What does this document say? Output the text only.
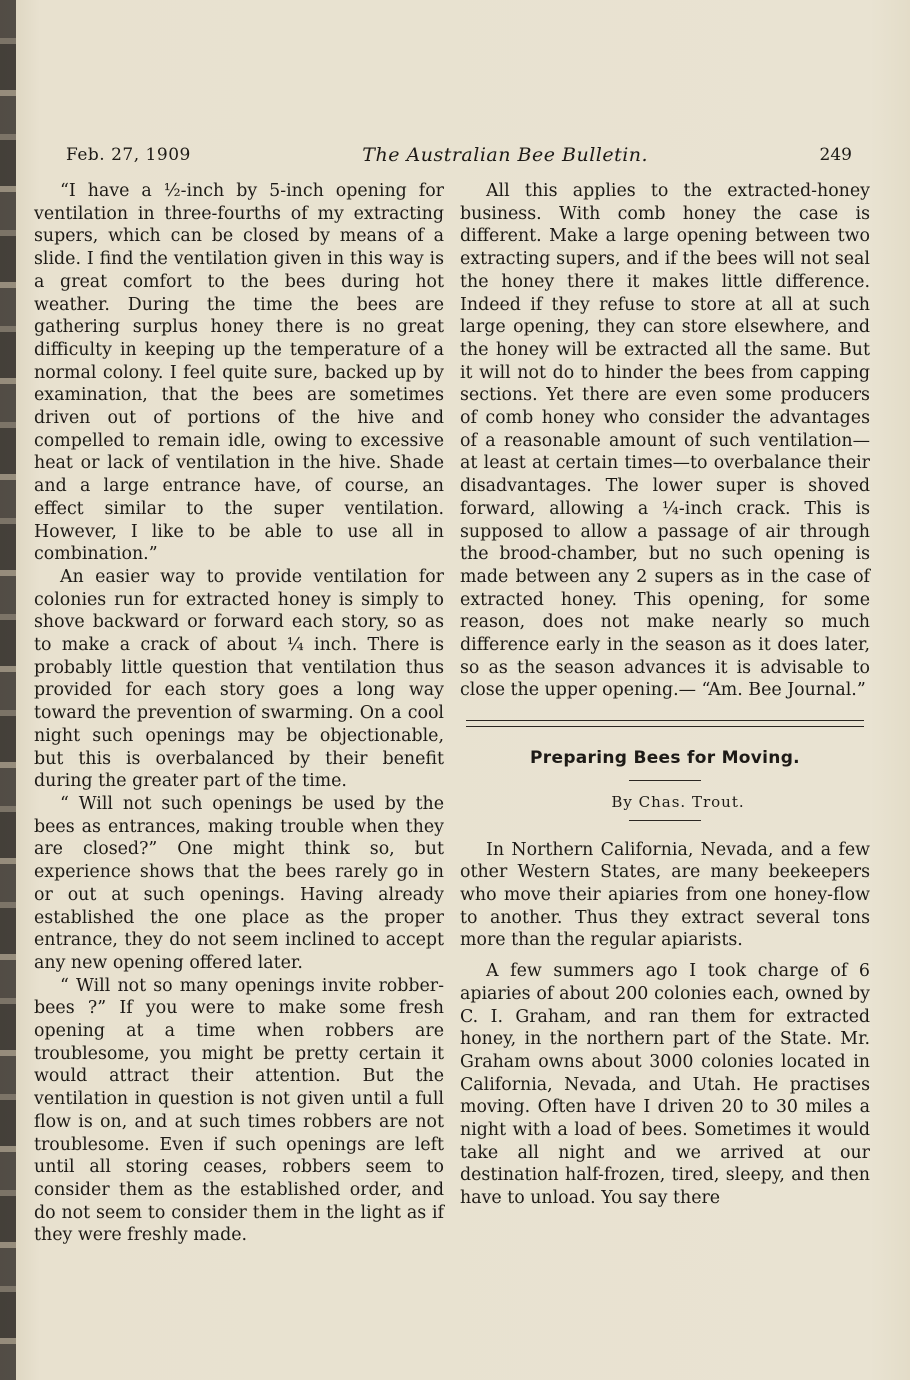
Feb. 27, 1909	The Australian Bee Bulletin.	249

“I have a ½-inch by 5-inch opening for ventilation in three-fourths of my extracting supers, which can be closed by means of a slide. I find the ventilation given in this way is a great comfort to the bees during hot weather. During the time the bees are gathering surplus honey there is no great difficulty in keeping up the temperature of a normal colony. I feel quite sure, backed up by examination, that the bees are sometimes driven out of portions of the hive and compelled to remain idle, owing to excessive heat or lack of ventilation in the hive. Shade and a large entrance have, of course, an effect similar to the super ventilation. However, I like to be able to use all in combination.”

An easier way to provide ventilation for colonies run for extracted honey is simply to shove backward or forward each story, so as to make a crack of about ¼ inch. There is probably little question that ventilation thus provided for each story goes a long way toward the prevention of swarming. On a cool night such openings may be objectionable, but this is overbalanced by their benefit during the greater part of the time.

“ Will not such openings be used by the bees as entrances, making trouble when they are closed?” One might think so, but experience shows that the bees rarely go in or out at such openings. Having already established the one place as the proper entrance, they do not seem inclined to accept any new opening offered later.

“ Will not so many openings invite robber-bees ?” If you were to make some fresh opening at a time when robbers are troublesome, you might be pretty certain it would attract their attention. But the ventilation in question is not given until a full flow is on, and at such times robbers are not troublesome. Even if such openings are left until all storing ceases, robbers seem to consider them as the established order, and do not seem to consider them in the light as if they were freshly made.

All this applies to the extracted-honey business. With comb honey the case is different. Make a large opening between two extracting supers, and if the bees will not seal the honey there it makes little difference. Indeed if they refuse to store at all at such large opening, they can store elsewhere, and the honey will be extracted all the same. But it will not do to hinder the bees from capping sections. Yet there are even some producers of comb honey who consider the advantages of a reasonable amount of such ventilation—at least at certain times—to overbalance their disadvantages. The lower super is shoved forward, allowing a ¼-inch crack. This is supposed to allow a passage of air through the brood-chamber, but no such opening is made between any 2 supers as in the case of extracted honey. This opening, for some reason, does not make nearly so much difference early in the season as it does later, so as the season advances it is advisable to close the upper opening.— “Am. Bee Journal.”

Preparing Bees for Moving.

By Chas. Trout.

In Northern California, Nevada, and a few other Western States, are many beekeepers who move their apiaries from one honey-flow to another. Thus they extract several tons more than the regular apiarists.

A few summers ago I took charge of 6 apiaries of about 200 colonies each, owned by C. I. Graham, and ran them for extracted honey, in the northern part of the State. Mr. Graham owns about 3000 colonies located in California, Nevada, and Utah. He practises moving. Often have I driven 20 to 30 miles a night with a load of bees. Sometimes it would take all night and we arrived at our destination half-frozen, tired, sleepy, and then have to unload. You say there
